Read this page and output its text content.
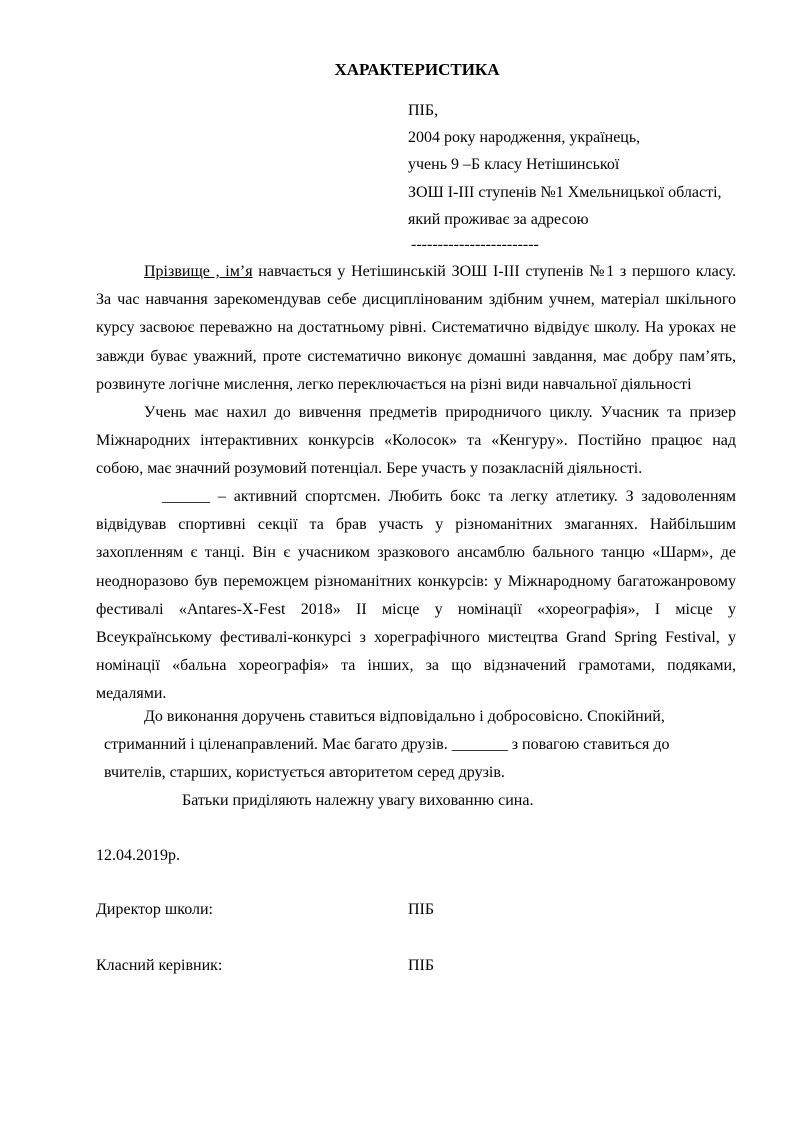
ХАРАКТЕРИСТИКА
ПІБ,
2004 року народження, українець,
учень 9 –Б класу Нетішинської
ЗОШ І-ІІІ ступенів №1 Хмельницької області,
який проживає за адресою
------------------------
Прізвище , ім’я навчається у Нетішинській ЗОШ І-ІІІ ступенів №1 з першого класу.
За час навчання зарекомендував себе дисциплінованим здібним учнем, матеріал шкільного
курсу засвоює переважно на достатньому рівні. Систематично відвідує школу. На уроках не
завжди буває уважний, проте систематично виконує домашні завдання, має добру пам’ять,
розвинуте логічне мислення, легко переключається на різні види навчальної діяльності
Учень має нахил до вивчення предметів природничого циклу. Учасник та призер
Міжнародних інтерактивних конкурсів «Колосок» та «Кенгуру». Постійно працює над
собою, має значний розумовий потенціал. Бере участь у позакласній діяльності.
______ – активний спортсмен. Любить бокс та легку атлетику. З задоволенням
відвідував спортивні секції та брав участь у різноманітних змаганнях. Найбільшим
захопленням є танці. Він є учасником зразкового ансамблю бального танцю «Шарм», де
неодноразово був переможцем різноманітних конкурсів: у Міжнародному багатожанровому
фестивалі «Antares-X-Fest 2018» ІІ місце у номінації «хореографія», І місце у
Всеукраїнському фестивалі-конкурсі з хореграфічного мистецтва Grand Spring Festival, у
номінації «бальна хореографія» та інших, за що відзначений грамотами, подяками,
медалями.
До виконання доручень ставиться відповідально і добросовісно. Спокійний,
стриманний і ціленаправлений. Має багато друзів. _______ з повагою ставиться до
вчителів, старших, користується авторитетом серед друзів.
Батьки приділяють належну увагу вихованню сина.
12.04.2019р.
Директор школи:	ПІБ
Класний керівник:	ПІБ
